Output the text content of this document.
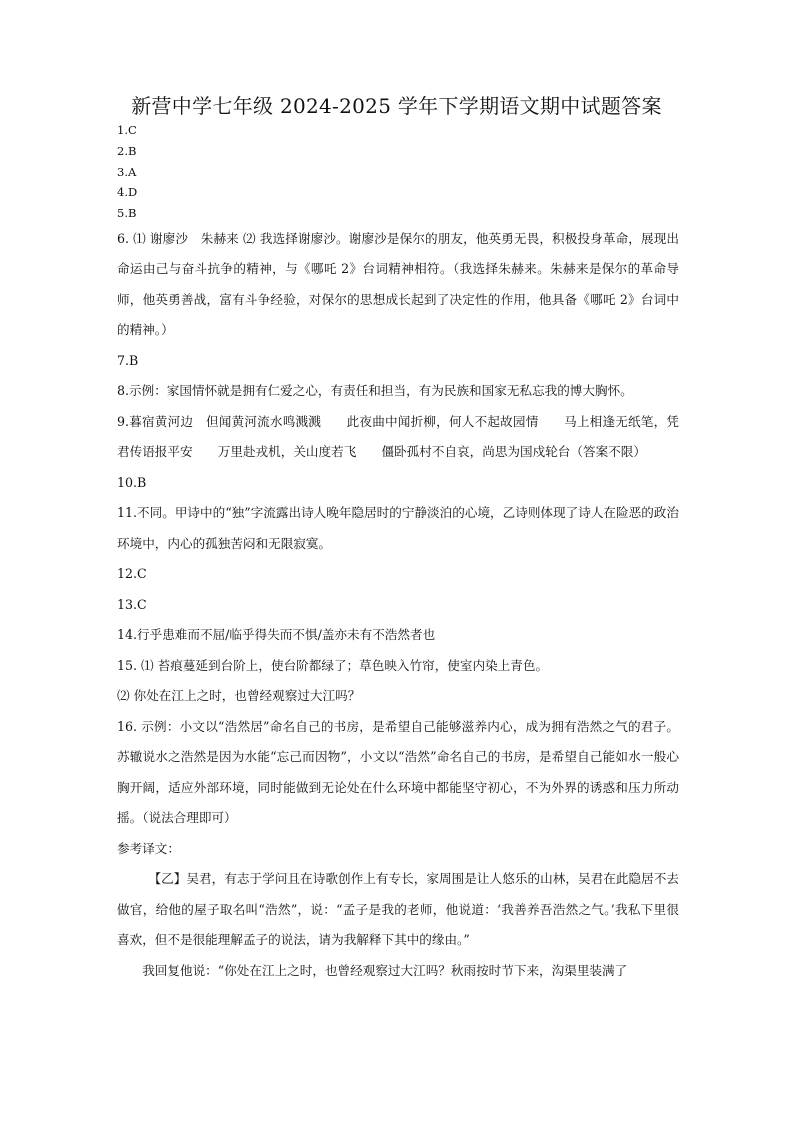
新营中学七年级 2024-2025 学年下学期语文期中试题答案
1.C
2.B
3.A
4.D
5.B
6. ⑴ 谢廖沙　朱赫来 ⑵ 我选择谢廖沙。谢廖沙是保尔的朋友，他英勇无畏，积极投身革命，展现出命运由己与奋斗抗争的精神，与《哪吒 2》台词精神相符。（我选择朱赫来。朱赫来是保尔的革命导师，他英勇善战，富有斗争经验，对保尔的思想成长起到了决定性的作用，他具备《哪吒 2》台词中的精神。）
7.B
8.示例：家国情怀就是拥有仁爱之心，有责任和担当，有为民族和国家无私忘我的博大胸怀。
9.暮宿黄河边　但闻黄河流水鸣溅溅　　此夜曲中闻折柳，何人不起故园情　　马上相逢无纸笔，凭君传语报平安　　万里赴戎机，关山度若飞　　僵卧孤村不自哀，尚思为国戍轮台（答案不限）
10.B
11.不同。甲诗中的“独”字流露出诗人晚年隐居时的宁静淡泊的心境，乙诗则体现了诗人在险恶的政治环境中，内心的孤独苦闷和无限寂寞。
12.C
13.C
14.行乎患难而不屈/临乎得失而不惧/盖亦未有不浩然者也
15. ⑴ 苔痕蔓延到台阶上，使台阶都绿了；草色映入竹帘，使室内染上青色。
⑵ 你处在江上之时，也曾经观察过大江吗？
16. 示例：小文以“浩然居”命名自己的书房，是希望自己能够滋养内心，成为拥有浩然之气的君子。苏辙说水之浩然是因为水能“忘己而因物”，小文以“浩然”命名自己的书房，是希望自己能如水一般心胸开阔，适应外部环境，同时能做到无论处在什么环境中都能坚守初心，不为外界的诱惑和压力所动摇。（说法合理即可）
参考译文：
【乙】吴君，有志于学问且在诗歌创作上有专长，家周围是让人悠乐的山林，吴君在此隐居不去做官，给他的屋子取名叫“浩然”，说：“孟子是我的老师，他说道：‘我善养吾浩然之气。’我私下里很喜欢，但不是很能理解孟子的说法，请为我解释下其中的缘由。”
我回复他说：“你处在江上之时，也曾经观察过大江吗？秋雨按时节下来，沟渠里装满了
